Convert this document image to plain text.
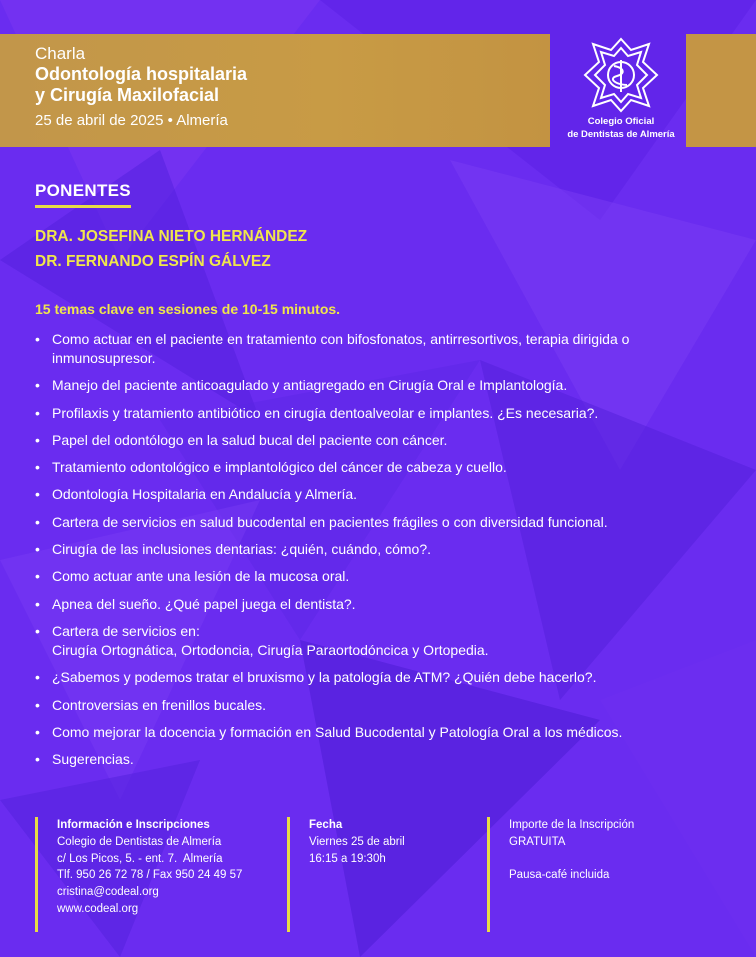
Charla
Odontología hospitalaria
y Cirugía Maxilofacial
25 de abril de 2025 • Almería	Colegio Oficial
de Dentistas de Almería
PONENTES
DRA. JOSEFINA NIETO HERNÁNDEZ
DR. FERNANDO ESPÍN GÁLVEZ
15 temas clave en sesiones de 10-15 minutos.
• Como actuar en el paciente en tratamiento con bifosfonatos, antirresortivos, terapia dirigida o inmunosupresor.
• Manejo del paciente anticoagulado y antiagregado en Cirugía Oral e Implantología.
• Profilaxis y tratamiento antibiótico en cirugía dentoalveolar e implantes. ¿Es necesaria?.
• Papel del odontólogo en la salud bucal del paciente con cáncer.
• Tratamiento odontológico e implantológico del cáncer de cabeza y cuello.
• Odontología Hospitalaria en Andalucía y Almería.
• Cartera de servicios en salud bucodental en pacientes frágiles o con diversidad funcional.
• Cirugía de las inclusiones dentarias: ¿quién, cuándo, cómo?.
• Como actuar ante una lesión de la mucosa oral.
• Apnea del sueño. ¿Qué papel juega el dentista?.
• Cartera de servicios en:
Cirugía Ortognática, Ortodoncia, Cirugía Paraortodóncica y Ortopedia.
• ¿Sabemos y podemos tratar el bruxismo y la patología de ATM? ¿Quién debe hacerlo?.
• Controversias en frenillos bucales.
• Como mejorar la docencia y formación en Salud Bucodental y Patología Oral a los médicos.
• Sugerencias.
Información e Inscripciones
Colegio de Dentistas de Almería
c/ Los Picos, 5. - ent. 7.  Almería
Tlf. 950 26 72 78 / Fax 950 24 49 57
cristina@codeal.org
www.codeal.org
Fecha
Viernes 25 de abril
16:15 a 19:30h
Importe de la Inscripción
GRATUITA
Pausa-café incluida
